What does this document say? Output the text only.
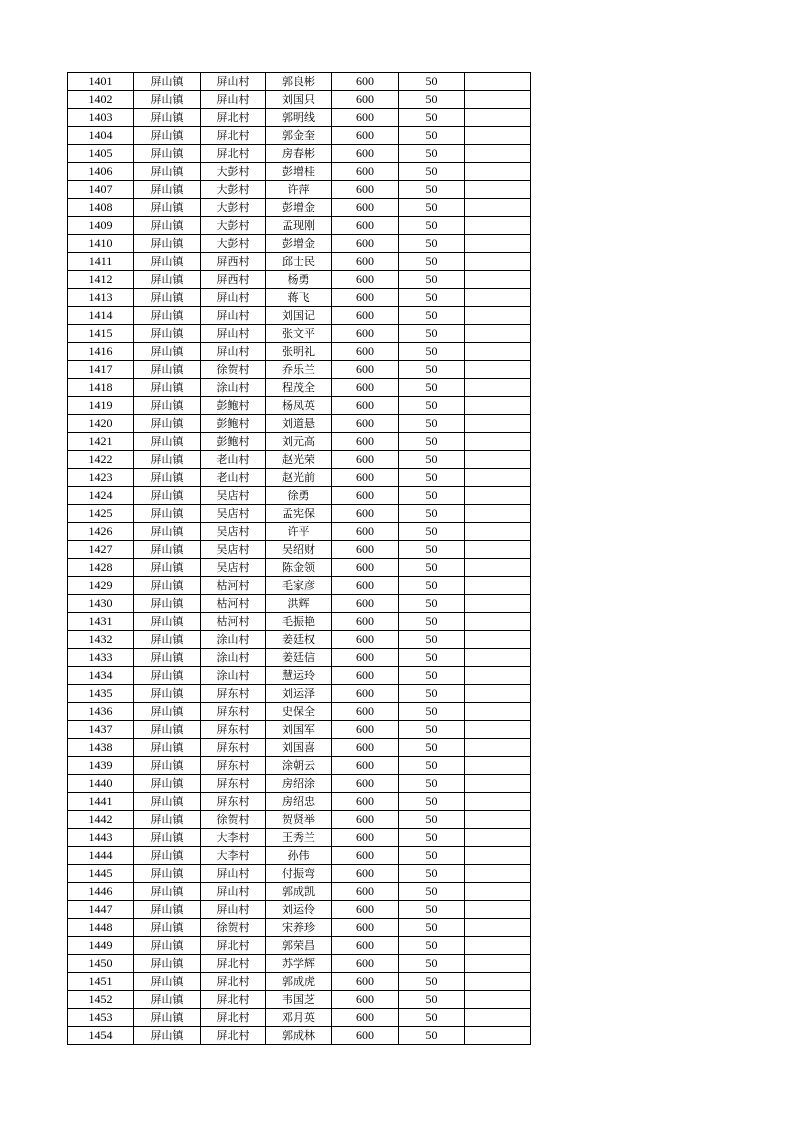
1401	屏山镇	屏山村	郭良彬	600	50	
1402	屏山镇	屏山村	刘国只	600	50	
1403	屏山镇	屏北村	郭明线	600	50	
1404	屏山镇	屏北村	郭金奎	600	50	
1405	屏山镇	屏北村	房春彬	600	50	
1406	屏山镇	大彭村	彭增桂	600	50	
1407	屏山镇	大彭村	许萍	600	50	
1408	屏山镇	大彭村	彭增金	600	50	
1409	屏山镇	大彭村	孟现刚	600	50	
1410	屏山镇	大彭村	彭增金	600	50	
1411	屏山镇	屏西村	邱士民	600	50	
1412	屏山镇	屏西村	杨勇	600	50	
1413	屏山镇	屏山村	蒋飞	600	50	
1414	屏山镇	屏山村	刘国记	600	50	
1415	屏山镇	屏山村	张文平	600	50	
1416	屏山镇	屏山村	张明礼	600	50	
1417	屏山镇	徐贺村	乔乐兰	600	50	
1418	屏山镇	涂山村	程茂全	600	50	
1419	屏山镇	彭鲍村	杨凤英	600	50	
1420	屏山镇	彭鲍村	刘道悬	600	50	
1421	屏山镇	彭鲍村	刘元高	600	50	
1422	屏山镇	老山村	赵光荣	600	50	
1423	屏山镇	老山村	赵光前	600	50	
1424	屏山镇	吴店村	徐勇	600	50	
1425	屏山镇	吴店村	孟宪保	600	50	
1426	屏山镇	吴店村	许平	600	50	
1427	屏山镇	吴店村	吴绍财	600	50	
1428	屏山镇	吴店村	陈金领	600	50	
1429	屏山镇	枯河村	毛家彦	600	50	
1430	屏山镇	枯河村	洪辉	600	50	
1431	屏山镇	枯河村	毛振艳	600	50	
1432	屏山镇	涂山村	姜廷权	600	50	
1433	屏山镇	涂山村	姜廷信	600	50	
1434	屏山镇	涂山村	慧运玲	600	50	
1435	屏山镇	屏东村	刘运泽	600	50	
1436	屏山镇	屏东村	史保全	600	50	
1437	屏山镇	屏东村	刘国军	600	50	
1438	屏山镇	屏东村	刘国喜	600	50	
1439	屏山镇	屏东村	涂朝云	600	50	
1440	屏山镇	屏东村	房绍涂	600	50	
1441	屏山镇	屏东村	房绍忠	600	50	
1442	屏山镇	徐贺村	贺贤举	600	50	
1443	屏山镇	大李村	王秀兰	600	50	
1444	屏山镇	大李村	孙伟	600	50	
1445	屏山镇	屏山村	付振弯	600	50	
1446	屏山镇	屏山村	郭成凯	600	50	
1447	屏山镇	屏山村	刘运伶	600	50	
1448	屏山镇	徐贺村	宋养珍	600	50	
1449	屏山镇	屏北村	郭荣昌	600	50	
1450	屏山镇	屏北村	苏学辉	600	50	
1451	屏山镇	屏北村	郭成虎	600	50	
1452	屏山镇	屏北村	韦国芝	600	50	
1453	屏山镇	屏北村	邓月英	600	50	
1454	屏山镇	屏北村	郭成林	600	50	
